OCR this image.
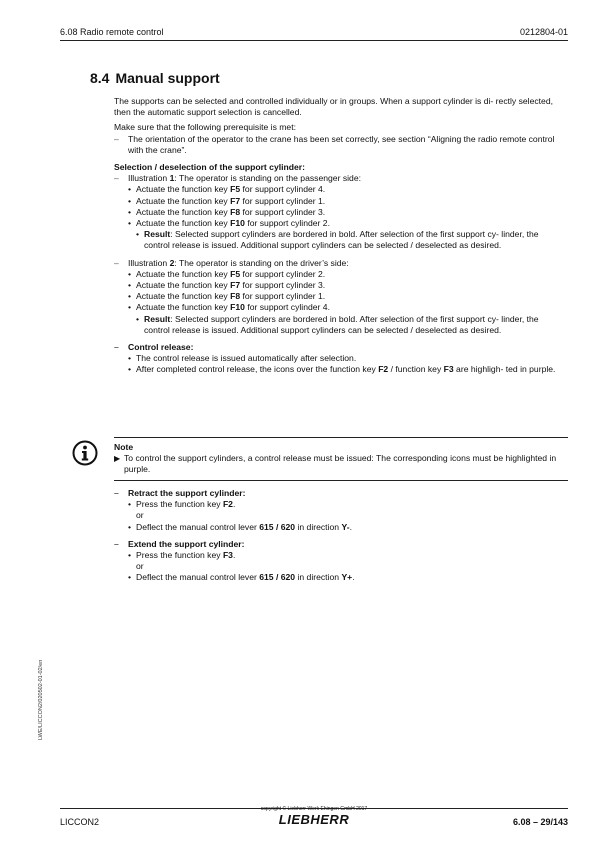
6.08 Radio remote control	0212804-01
8.4 Manual support

The supports can be selected and controlled individually or in groups. When a support cylinder is di- rectly selected, then the automatic support selection is cancelled.

Make sure that the following prerequisite is met:

– The orientation of the operator to the crane has been set correctly, see section “Aligning the radio remote control with the crane”.
Selection / deselection of the support cylinder:
– Illustration 1: The operator is standing on the passenger side:
• Actuate the function key F5 for support cylinder 4.
• Actuate the function key F7 for support cylinder 1.
• Actuate the function key F8 for support cylinder 3.
• Actuate the function key F10 for support cylinder 2.
• Result: Selected support cylinders are bordered in bold. After selection of the first support cy- linder, the control release is issued. Additional support cylinders can be selected / deselected as desired.
– Illustration 2: The operator is standing on the driver’s side:
• Actuate the function key F5 for support cylinder 2.
• Actuate the function key F7 for support cylinder 3.
• Actuate the function key F8 for support cylinder 1.
• Actuate the function key F10 for support cylinder 4.
• Result: Selected support cylinders are bordered in bold. After selection of the first support cy- linder, the control release is issued. Additional support cylinders can be selected / deselected as desired.
– Control release:
• The control release is issued automatically after selection.
• After completed control release, the icons over the function key F2 / function key F3 are highligh- ted in purple.
Note
▶ To control the support cylinders, a control release must be issued: The corresponding icons must be highlighted in purple.
– Retract the support cylinder:
• Press the function key F2.
or
• Deflect the manual control lever 615 / 620 in direction Y-.
– Extend the support cylinder:
• Press the function key F3.
or
• Deflect the manual control lever 615 / 620 in direction Y+.
LWE/LICCON2/020502-01-02/en
LICCON2
copyright © Liebherr-Werk Ehingen GmbH 2017
LIEBHERR	6.08 – 29/143
